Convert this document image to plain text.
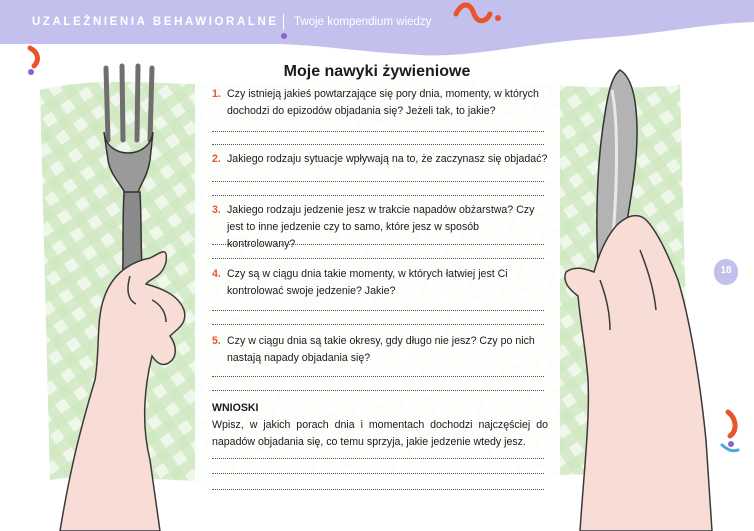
UZALEŻNIENIA BEHAWIORALNE Twoje kompendium wiedzy
Moje nawyki żywieniowe
1. Czy istnieją jakieś powtarzające się pory dnia, momenty, w których dochodzi do epizodów objadania się? Jeżeli tak, to jakie?
2. Jakiego rodzaju sytuacje wpływają na to, że zaczynasz się objadać?
3. Jakiego rodzaju jedzenie jesz w trakcie napadów obżarstwa? Czy jest to inne jedzenie czy to samo, które jesz w sposób kontrolowany?
4. Czy są w ciągu dnia takie momenty, w których łatwiej jest Ci kontrolować swoje jedzenie? Jakie?
5. Czy w ciągu dnia są takie okresy, gdy długo nie jesz? Czy po nich nastają napady objadania się?
WNIOSKI
Wpisz, w jakich porach dnia i momentach dochodzi najczęściej do napadów objadania się, co temu sprzyja, jakie jedzenie wtedy jesz.
18
